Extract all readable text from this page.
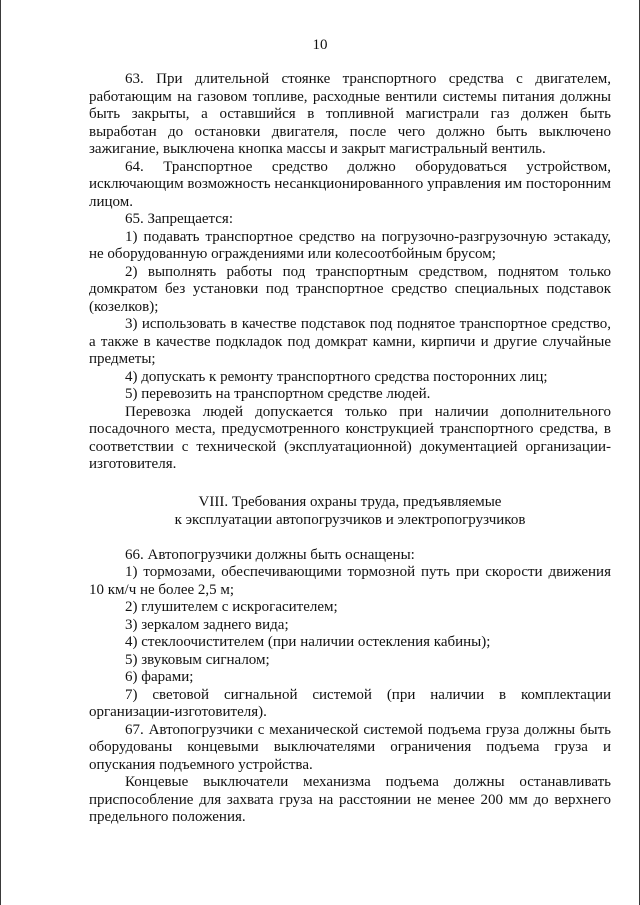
10

63. При длительной стоянке транспортного средства с двигателем, работающим на газовом топливе, расходные вентили системы питания должны быть закрыты, а оставшийся в топливной магистрали газ должен быть выработан до остановки двигателя, после чего должно быть выключено зажигание, выключена кнопка массы и закрыт магистральный вентиль.

64. Транспортное средство должно оборудоваться устройством, исключающим возможность несанкционированного управления им посторонним лицом.

65. Запрещается:

1) подавать транспортное средство на погрузочно-разгрузочную эстакаду, не оборудованную ограждениями или колесоотбойным брусом;

2) выполнять работы под транспортным средством, поднятом только домкратом без установки под транспортное средство специальных подставок (козелков);

3) использовать в качестве подставок под поднятое транспортное средство, а также в качестве подкладок под домкрат камни, кирпичи и другие случайные предметы;

4) допускать к ремонту транспортного средства посторонних лиц;

5) перевозить на транспортном средстве людей.

Перевозка людей допускается только при наличии дополнительного посадочного места, предусмотренного конструкцией транспортного средства, в соответствии с технической (эксплуатационной) документацией организации-изготовителя.

VIII. Требования охраны труда, предъявляемые
к эксплуатации автопогрузчиков и электропогрузчиков

66. Автопогрузчики должны быть оснащены:

1) тормозами, обеспечивающими тормозной путь при скорости движения 10 км/ч не более 2,5 м;

2) глушителем с искрогасителем;

3) зеркалом заднего вида;

4) стеклоочистителем (при наличии остекления кабины);

5) звуковым сигналом;

6) фарами;

7) световой сигнальной системой (при наличии в комплектации организации-изготовителя).

67. Автопогрузчики с механической системой подъема груза должны быть оборудованы концевыми выключателями ограничения подъема груза и опускания подъемного устройства.

Концевые выключатели механизма подъема должны останавливать приспособление для захвата груза на расстоянии не менее 200 мм до верхнего предельного положения.
